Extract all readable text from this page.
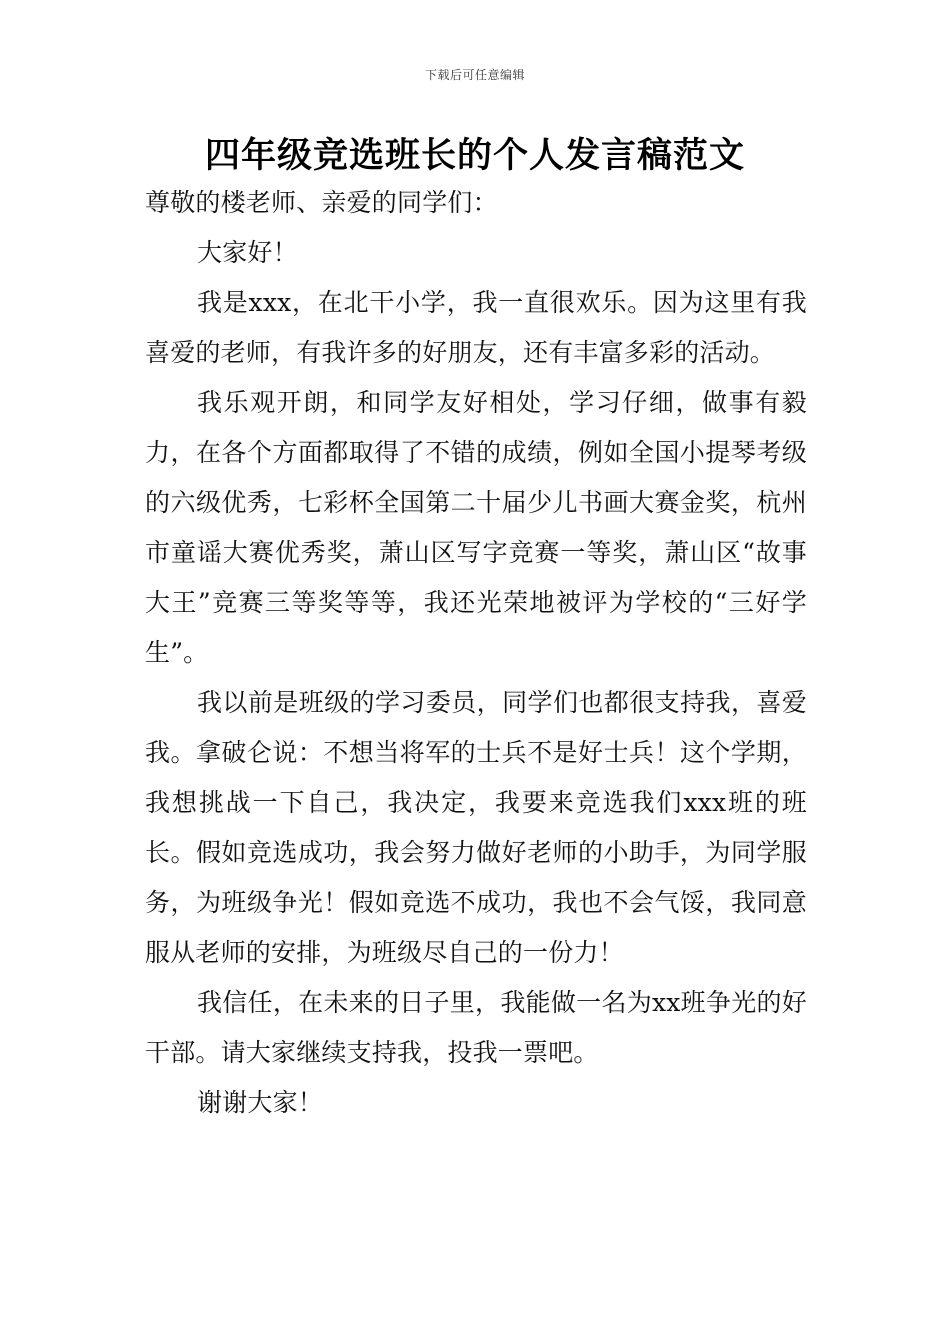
下载后可任意编辑
四年级竞选班长的个人发言稿范文

尊敬的楼老师、亲爱的同学们：

大家好！

我是xxx，在北干小学，我一直很欢乐。因为这里有我喜爱的老师，有我许多的好朋友，还有丰富多彩的活动。

我乐观开朗，和同学友好相处，学习仔细，做事有毅力，在各个方面都取得了不错的成绩，例如全国小提琴考级的六级优秀，七彩杯全国第二十届少儿书画大赛金奖，杭州市童谣大赛优秀奖，萧山区写字竞赛一等奖，萧山区“故事大王”竞赛三等奖等等，我还光荣地被评为学校的“三好学生”。

我以前是班级的学习委员，同学们也都很支持我，喜爱我。拿破仑说：不想当将军的士兵不是好士兵！这个学期，我想挑战一下自己，我决定，我要来竞选我们xxx班的班长。假如竞选成功，我会努力做好老师的小助手，为同学服务，为班级争光！假如竞选不成功，我也不会气馁，我同意服从老师的安排，为班级尽自己的一份力！

我信任，在未来的日子里，我能做一名为xx班争光的好干部。请大家继续支持我，投我一票吧。

谢谢大家！
